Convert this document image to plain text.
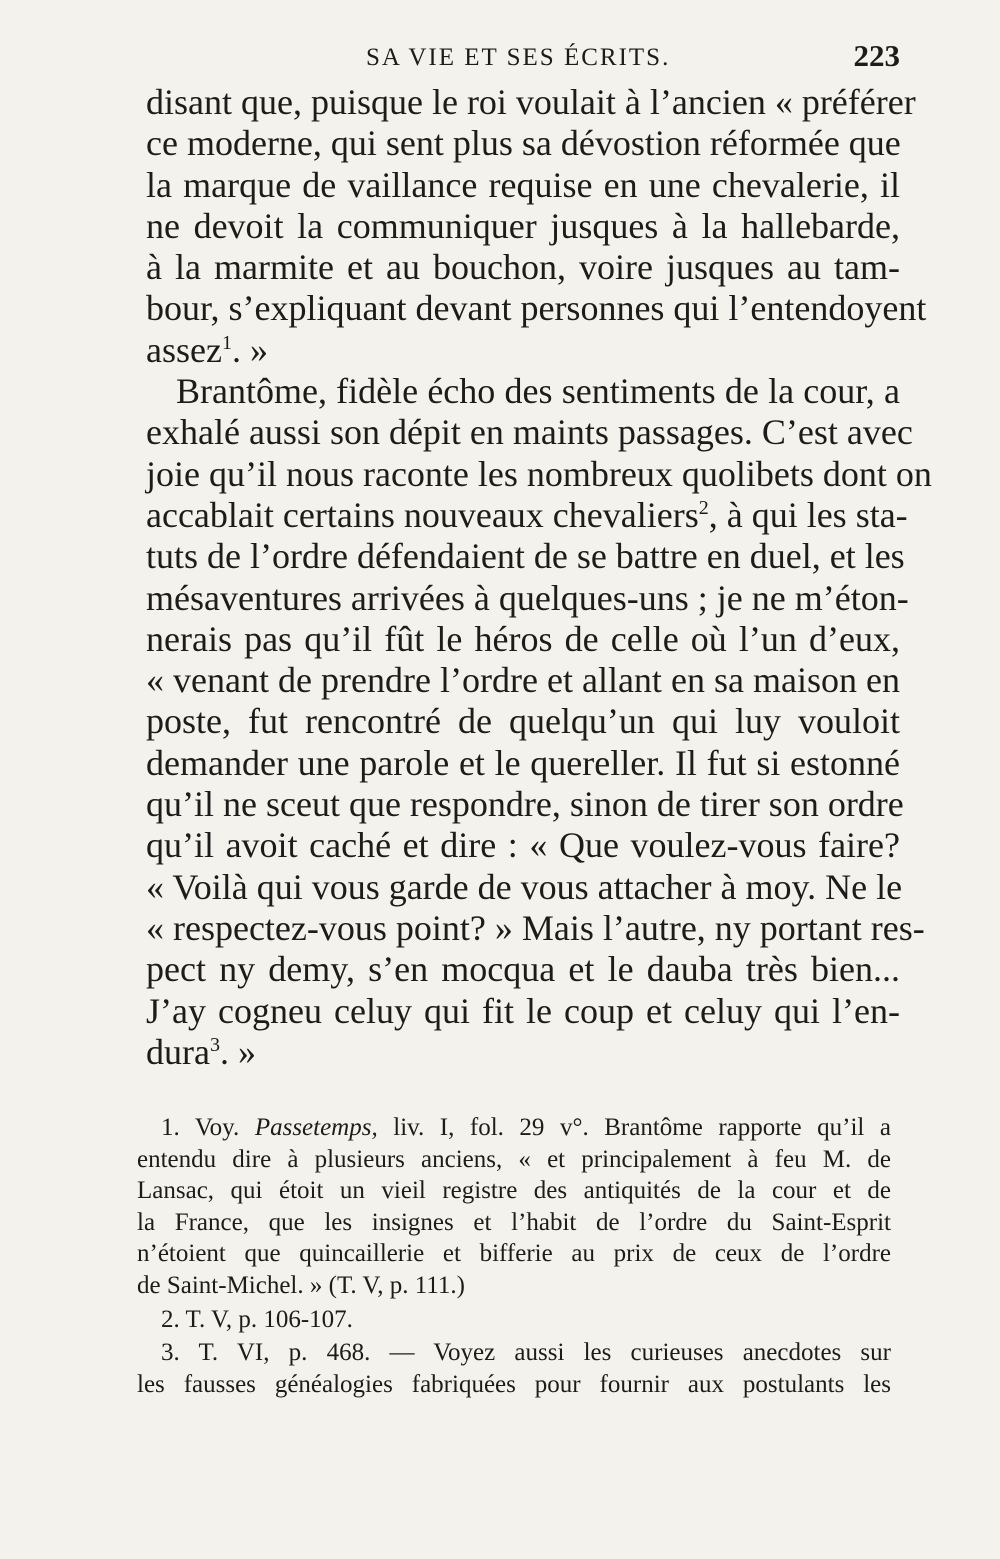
SA VIE ET SES ÉCRITS.	223
disant que, puisque le roi voulait à l’ancien « préférer
ce moderne, qui sent plus sa dévostion réformée que
la marque de vaillance requise en une chevalerie, il
ne devoit la communiquer jusques à la hallebarde,
à la marmite et au bouchon, voire jusques au tam-
bour, s’expliquant devant personnes qui l’entendoyent
assez$^1$. »
Brantôme, fidèle écho des sentiments de la cour, a
exhalé aussi son dépit en maints passages. C’est avec
joie qu’il nous raconte les nombreux quolibets dont on
accablait certains nouveaux chevaliers$^2$, à qui les sta-
tuts de l’ordre défendaient de se battre en duel, et les
mésaventures arrivées à quelques-uns ; je ne m’éton-
nerais pas qu’il fût le héros de celle où l’un d’eux,
« venant de prendre l’ordre et allant en sa maison en
poste, fut rencontré de quelqu’un qui luy vouloit
demander une parole et le quereller. Il fut si estonné
qu’il ne sceut que respondre, sinon de tirer son ordre
qu’il avoit caché et dire : « Que voulez-vous faire?
« Voilà qui vous garde de vous attacher à moy. Ne le
« respectez-vous point? » Mais l’autre, ny portant res-
pect ny demy, s’en mocqua et le dauba très bien...
J’ay cogneu celuy qui fit le coup et celuy qui l’en-
dura$^3$. »
1. Voy. Passetemps, liv. I, fol. 29 v°. Brantôme rapporte qu’il a
entendu dire à plusieurs anciens, « et principalement à feu M. de
Lansac, qui étoit un vieil registre des antiquités de la cour et de
la France, que les insignes et l’habit de l’ordre du Saint-Esprit
n’étoient que quincaillerie et bifferie au prix de ceux de l’ordre
de Saint-Michel. » (T. V, p. 111.)
2. T. V, p. 106-107.
3. T. VI, p. 468. — Voyez aussi les curieuses anecdotes sur
les fausses généalogies fabriquées pour fournir aux postulants les
